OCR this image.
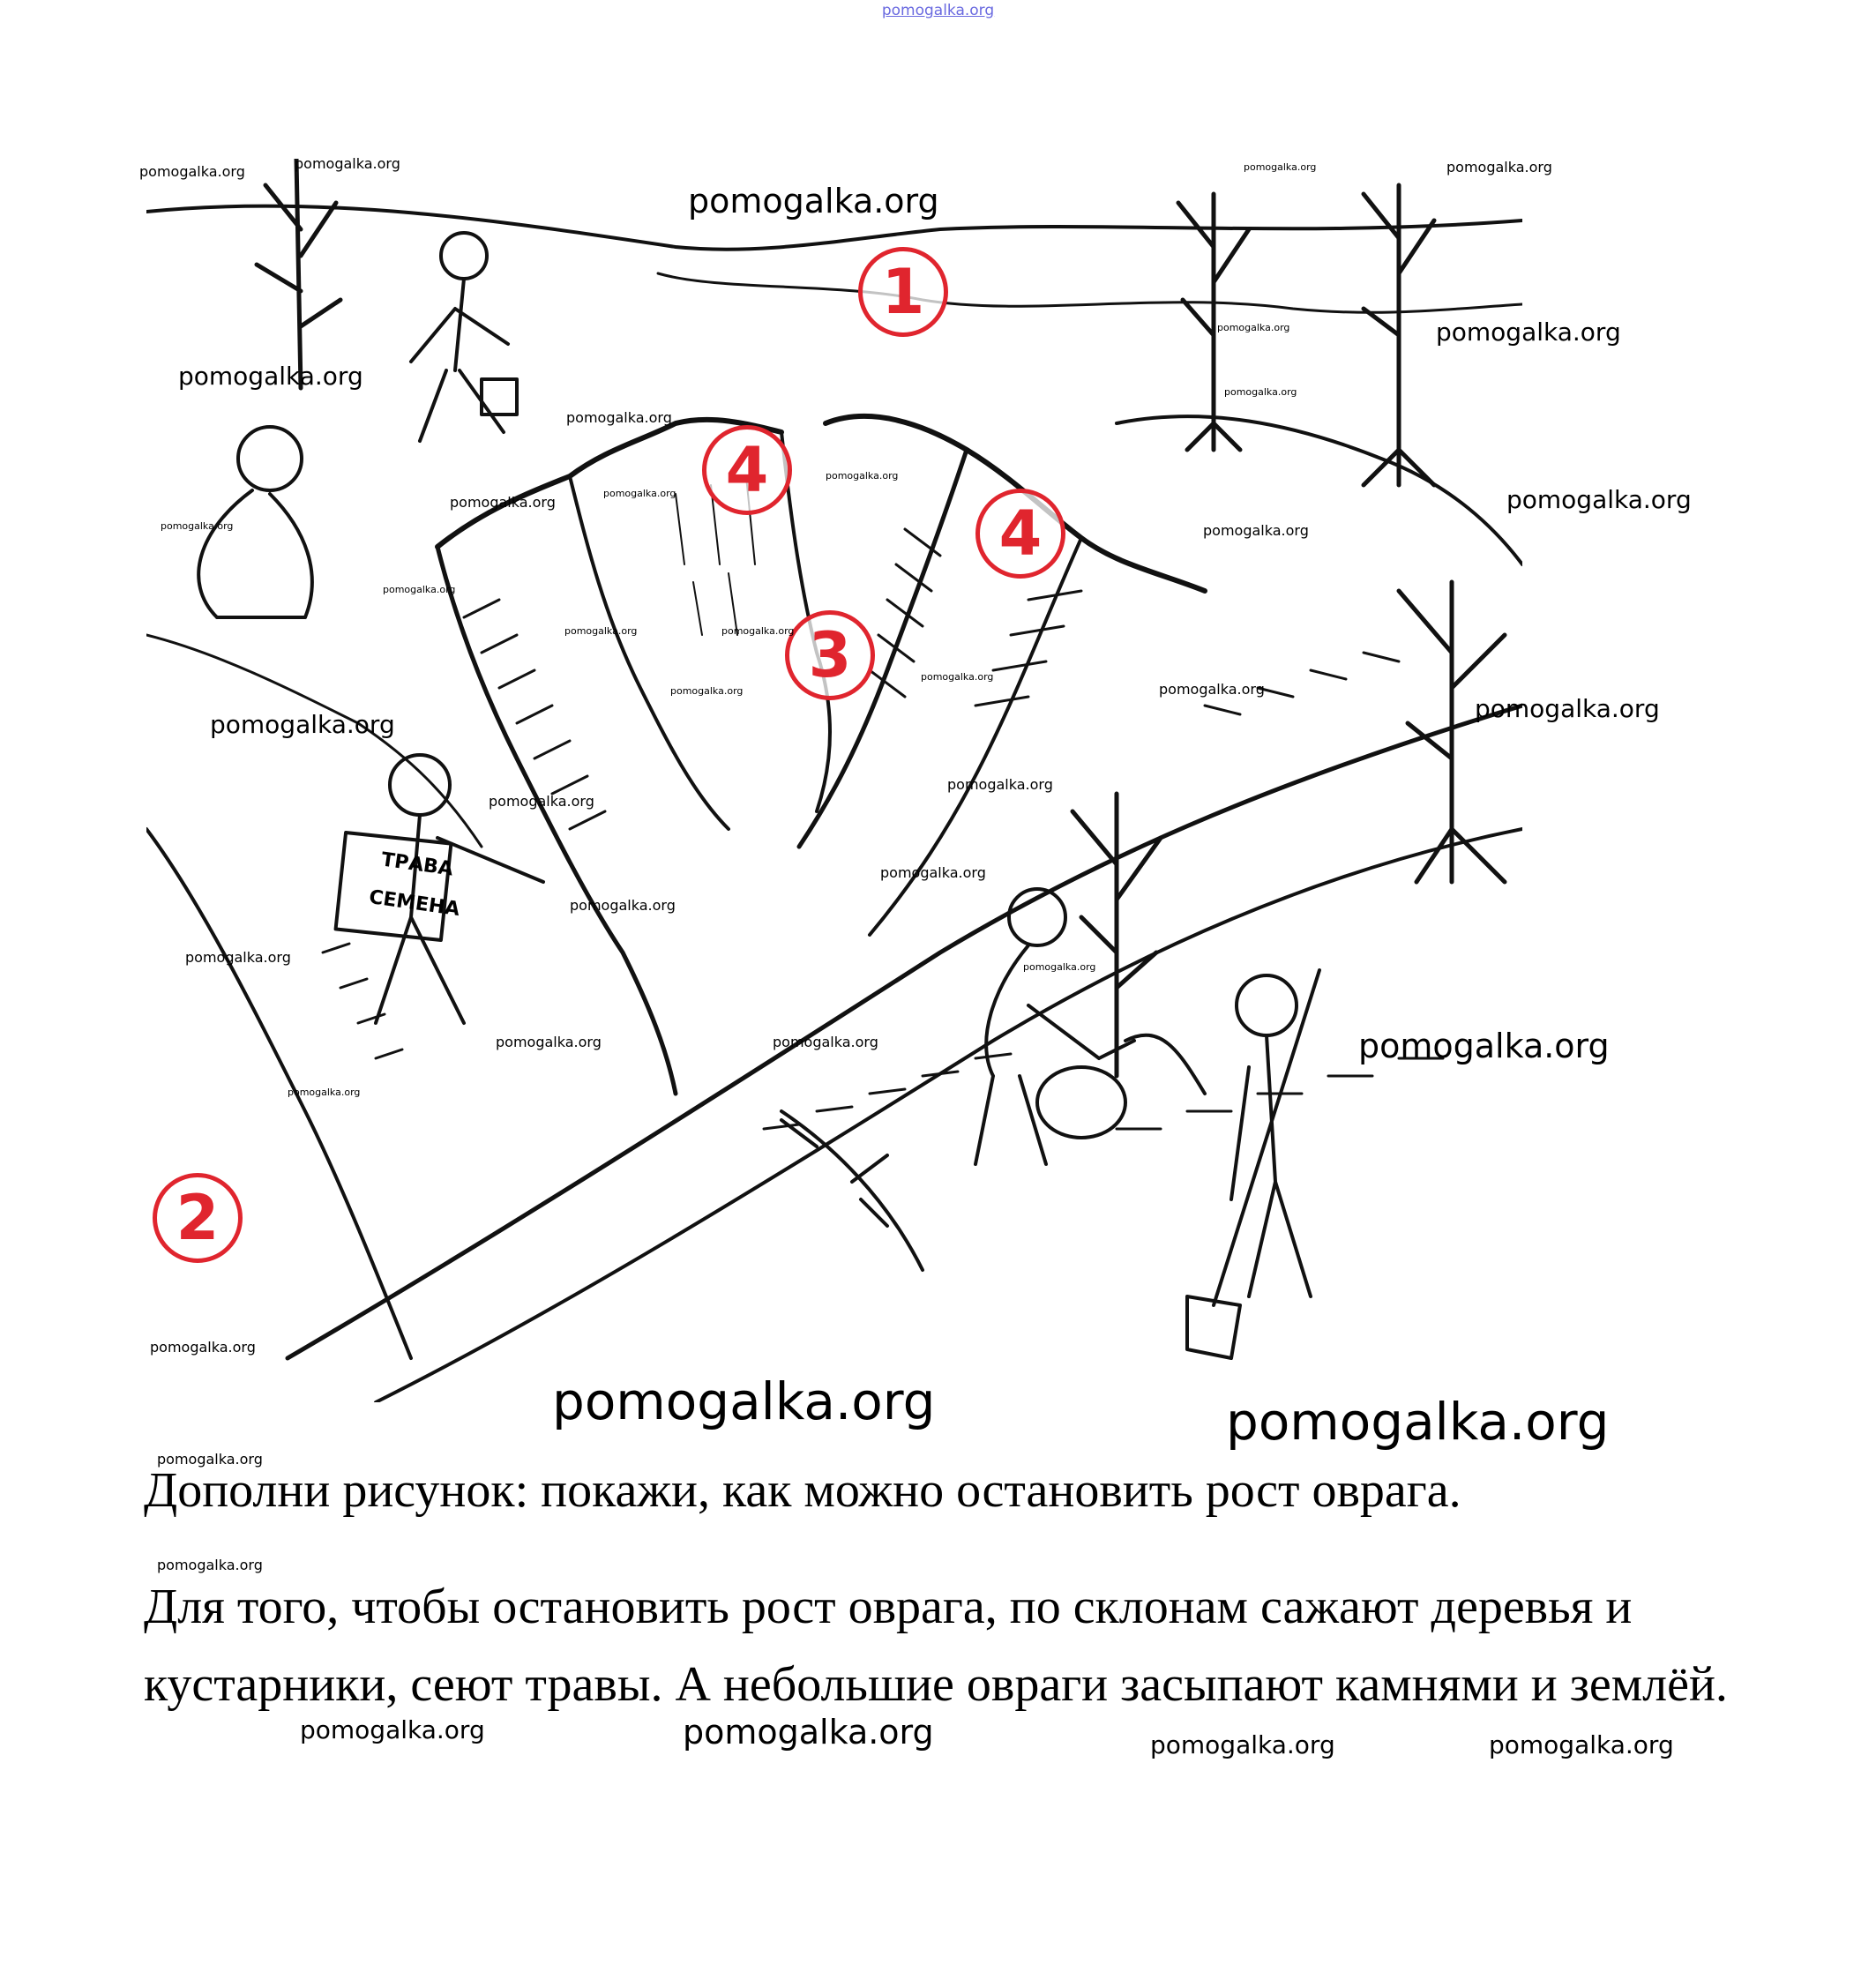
pomogalka.org
1
2
3
4
4
ТРАВА
СЕМЕНА
pomogalka.org	pomogalka.org
pomogalka.org
pomogalka.org	pomogalka.org
pomogalka.org
pomogalka.org
pomogalka.org
pomogalka.org
pomogalka.org
pomogalka.org
pomogalka.org
pomogalka.org	pomogalka.org
pomogalka.org	pomogalka.org
pomogalka.org
pomogalka.org	pomogalka.org
pomogalka.org
pomogalka.org
pomogalka.org
pomogalka.org
pomogalka.org
pomogalka.org
pomogalka.org
pomogalka.org
pomogalka.org
pomogalka.org
pomogalka.org
pomogalka.org	pomogalka.org	pomogalka.org
pomogalka.org
pomogalka.org
pomogalka.org	pomogalka.org
pomogalka.org
pomogalka.org
pomogalka.org	pomogalka.org	pomogalka.org	pomogalka.org
Дополни рисунок: покажи, как можно остановить рост оврага.
Для того, чтобы остановить рост оврага, по склонам сажают деревья и кустарники, сеют травы. А небольшие овраги засыпают камнями и землёй.
